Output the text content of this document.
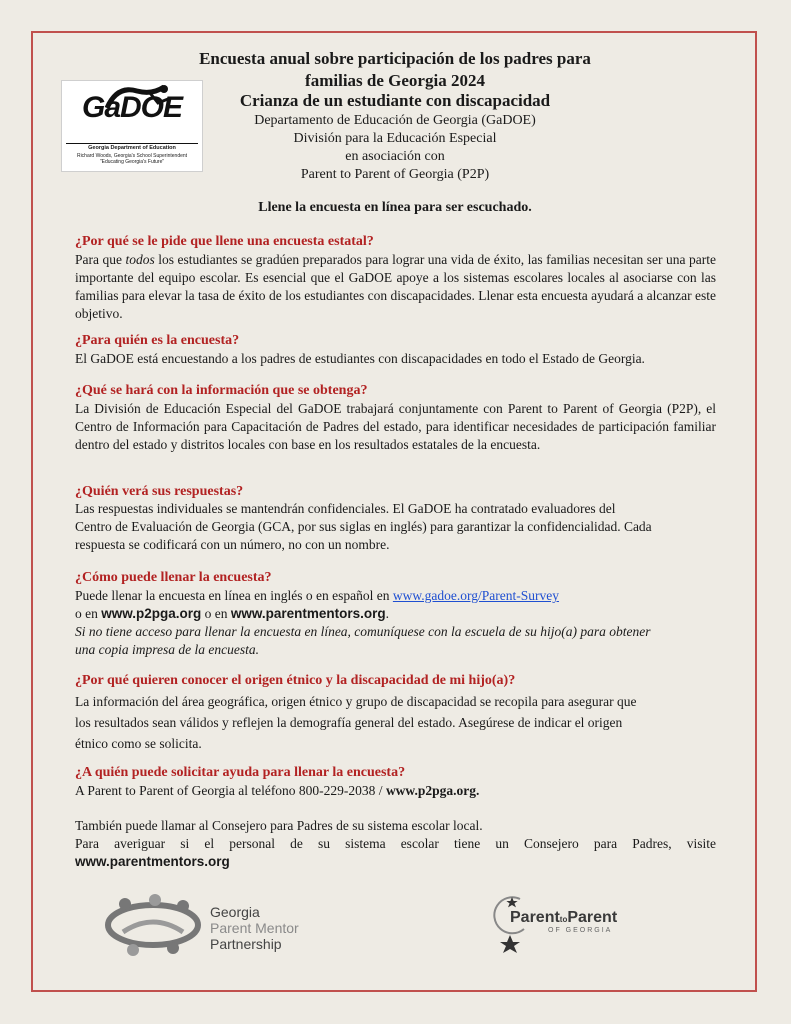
GaDOE
Georgia Department of Education
Richard Woods, Georgia's School Superintendent
"Educating Georgia's Future"
Encuesta anual sobre participación de los padres para
familias de Georgia 2024
Crianza de un estudiante con discapacidad
Departamento de Educación de Georgia (GaDOE)
División para la Educación Especial
en asociación con
Parent to Parent of Georgia (P2P)
Llene la encuesta en línea para ser escuchado.
¿Por qué se le pide que llene una encuesta estatal?
Para que todos los estudiantes se gradúen preparados para lograr una vida de éxito, las familias necesitan ser una parte importante del equipo escolar. Es esencial que el GaDOE apoye a los sistemas escolares locales al asociarse con las familias para elevar la tasa de éxito de los estudiantes con discapacidades. Llenar esta encuesta ayudará a alcanzar este objetivo.
¿Para quién es la encuesta?
El GaDOE está encuestando a los padres de estudiantes con discapacidades en todo el Estado de Georgia.
¿Qué se hará con la información que se obtenga?
La División de Educación Especial del GaDOE trabajará conjuntamente con Parent to Parent of Georgia (P2P), el Centro de Información para Capacitación de Padres del estado, para identificar necesidades de participación familiar dentro del estado y distritos locales con base en los resultados estatales de la encuesta.
¿Quién verá sus respuestas?
Las respuestas individuales se mantendrán confidenciales. El GaDOE ha contratado evaluadores del
Centro de Evaluación de Georgia (GCA, por sus siglas en inglés) para garantizar la confidencialidad. Cada
respuesta se codificará con un número, no con un nombre.
¿Cómo puede llenar la encuesta?
Puede llenar la encuesta en línea en inglés o en español en www.gadoe.org/Parent-Survey
o en www.p2pga.org o en www.parentmentors.org.
Si no tiene acceso para llenar la encuesta en línea, comuníquese con la escuela de su hijo(a) para obtener
una copia impresa de la encuesta.
¿Por qué quieren conocer el origen étnico y la discapacidad de mi hijo(a)?
La información del área geográfica, origen étnico y grupo de discapacidad se recopila para asegurar que
los resultados sean válidos y reflejen la demografía general del estado. Asegúrese de indicar el origen
étnico como se solicita.
¿A quién puede solicitar ayuda para llenar la encuesta?
A Parent to Parent of Georgia al teléfono 800-229-2038 / www.p2pga.org.
También puede llamar al Consejero para Padres de su sistema escolar local.
Para averiguar si el personal de su sistema escolar tiene un Consejero para Padres, visite
www.parentmentors.org
Georgia
Parent Mentor
Partnership
ParenttoParent
OF GEORGIA
